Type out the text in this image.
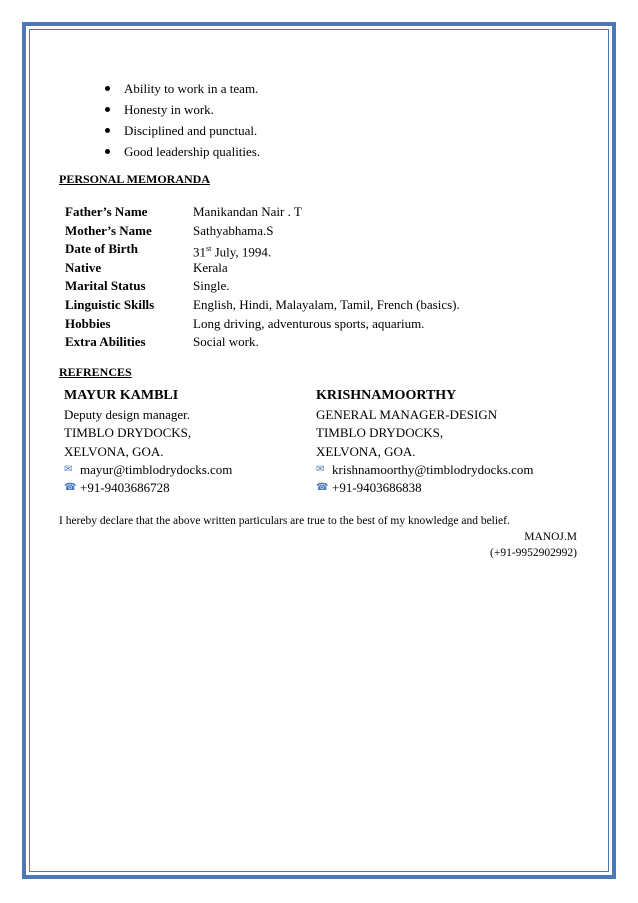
Ability to work in a team.
Honesty in work.
Disciplined and punctual.
Good leadership qualities.
PERSONAL MEMORANDA
Father’s Name	Manikandan Nair . T
Mother’s Name	Sathyabhama.S
Date of Birth	31st July, 1994.
Native	Kerala
Marital Status	Single.
Linguistic Skills	English, Hindi, Malayalam, Tamil, French (basics).
Hobbies	Long driving, adventurous sports, aquarium.
Extra Abilities	Social work.
REFRENCES
MAYUR KAMBLI
Deputy design manager.
TIMBLO DRYDOCKS,
XELVONA, GOA.
✉ mayur@timblodrydocks.com
☎ +91-9403686728
KRISHNAMOORTHY
GENERAL MANAGER-DESIGN
TIMBLO DRYDOCKS,
XELVONA, GOA.
✉ krishnamoorthy@timblodrydocks.com
☎ +91-9403686838
I hereby declare that the above written particulars are true to the best of my knowledge and belief.
MANOJ.M
(+91-9952902992)
